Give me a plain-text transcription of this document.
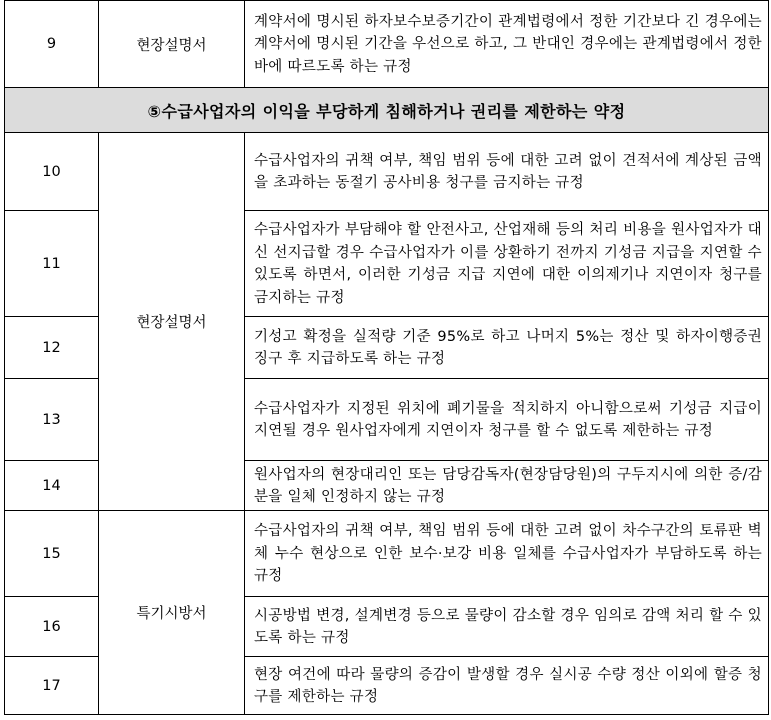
9	현장설명서	계약서에 명시된 하자보수보증기간이 관계법령에서 정한 기간보다 긴 경우에는 계약서에 명시된 기간을 우선으로 하고, 그 반대인 경우에는 관계법령에서 정한 바에 따르도록 하는 규정
⑤수급사업자의 이익을 부당하게 침해하거나 권리를 제한하는 약정		
10	현장설명서	수급사업자의 귀책 여부, 책임 범위 등에 대한 고려 없이 견적서에 계상된 금액을 초과하는 동절기 공사비용 청구를 금지하는 규정
11		수급사업자가 부담해야 할 안전사고, 산업재해 등의 처리 비용을 원사업자가 대신 선지급할 경우 수급사업자가 이를 상환하기 전까지 기성금 지급을 지연할 수 있도록 하면서, 이러한 기성금 지급 지연에 대한 이의제기나 지연이자 청구를 금지하는 규정
12		기성고 확정을 실적량 기준 95%로 하고 나머지 5%는 정산 및 하자이행증권 징구 후 지급하도록 하는 규정
13		수급사업자가 지정된 위치에 폐기물을 적치하지 아니함으로써 기성금 지급이 지연될 경우 원사업자에게 지연이자 청구를 할 수 없도록 제한하는 규정
14		원사업자의 현장대리인 또는 담당감독자(현장담당원)의 구두지시에 의한 증/감분을 일체 인정하지 않는 규정
15	특기시방서	수급사업자의 귀책 여부, 책임 범위 등에 대한 고려 없이 차수구간의 토류판 벽체 누수 현상으로 인한 보수·보강 비용 일체를 수급사업자가 부담하도록 하는 규정
16		시공방법 변경, 설계변경 등으로 물량이 감소할 경우 임의로 감액 처리 할 수 있도록 하는 규정
17		현장 여건에 따라 물량의 증감이 발생할 경우 실시공 수량 정산 이외에 할증 청구를 제한하는 규정
